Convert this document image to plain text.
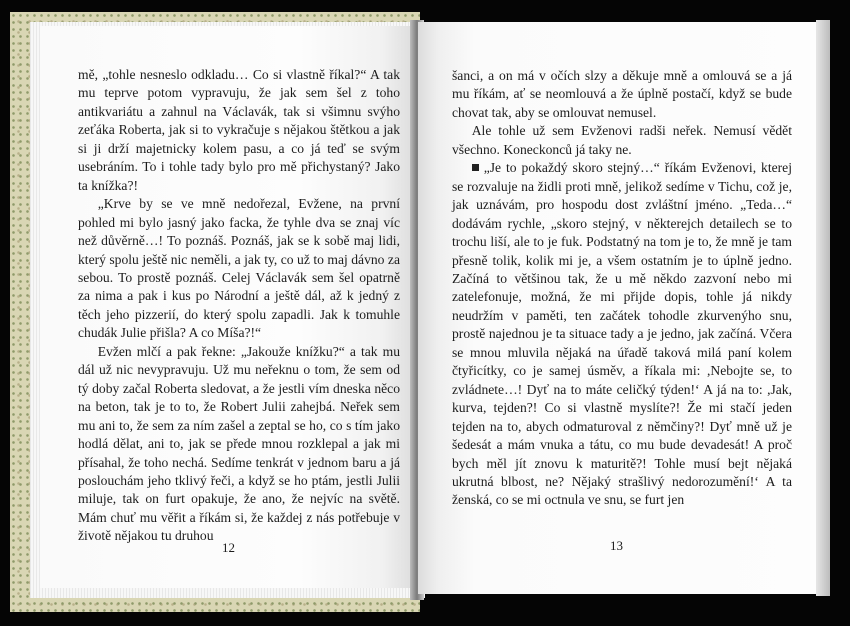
mě, „tohle nesneslo odkladu… Co si vlastně říkal?“ A tak mu teprve potom vypravuju, že jak sem šel z toho antikvariátu a zahnul na Václavák, tak si všimnu svýho zeťáka Roberta, jak si to vykračuje s nějakou štětkou a jak si ji drží majetnicky kolem pasu, a co já teď se svým usebráním. To i tohle tady bylo pro mě přichystaný? Jako ta knížka?!

„Krve by se ve mně nedořezal, Evžene, na první pohled mi bylo jasný jako facka, že tyhle dva se znaj víc než důvěrně…! To poznáš. Poznáš, jak se k sobě maj lidi, který spolu ještě nic neměli, a jak ty, co už to maj dávno za sebou. To prostě poznáš. Celej Václavák sem šel opatrně za nima a pak i kus po Národní a ještě dál, až k jedný z těch jeho pizzerií, do který spolu zapadli. Jak k tomuhle chudák Julie přišla? A co Míša?!“

Evžen mlčí a pak řekne: „Jakouže knížku?“ a tak mu dál už nic nevypravuju. Už mu neřeknu o tom, že sem od tý doby začal Roberta sledovat, a že jestli vím dneska něco na beton, tak je to to, že Robert Julii zahejbá. Neřek sem mu ani to, že sem za ním zašel a zeptal se ho, co s tím jako hodlá dělat, ani to, jak se přede mnou rozklepal a jak mi přísahal, že toho nechá. Sedíme tenkrát v jednom baru a já poslouchám jeho tklivý řeči, a když se ho ptám, jestli Julii miluje, tak on furt opakuje, že ano, že nejvíc na světě. Mám chuť mu věřit a říkám si, že každej z nás potřebuje v životě nějakou tu druhou

12

šanci, a on má v očích slzy a děkuje mně a omlouvá se a já mu říkám, ať se neomlouvá a že úplně postačí, když se bude chovat tak, aby se omlouvat nemusel.

Ale tohle už sem Evženovi radši neřek. Nemusí vědět všechno. Koneckonců já taky ne.

„Je to pokaždý skoro stejný…“ říkám Evženovi, kterej se rozvaluje na židli proti mně, jelikož sedíme v Tichu, což je, jak uznávám, pro hospodu dost zvláštní jméno. „Teda…“ dodávám rychle, „skoro stejný, v některejch detailech se to trochu liší, ale to je fuk. Podstatný na tom je to, že mně je tam přesně tolik, kolik mi je, a všem ostatním je to úplně jedno. Začíná to většinou tak, že u mě někdo zazvoní nebo mi zatelefonuje, možná, že mi přijde dopis, tohle já nikdy neudržím v paměti, ten začátek tohodle zkurvenýho snu, prostě najednou je ta situace tady a je jedno, jak začíná. Včera se mnou mluvila nějaká na úřadě taková milá paní kolem čtyřicítky, co je samej úsměv, a říkala mi: ,Nebojte se, to zvládnete…! Dyť na to máte celičký týden!‘ A já na to: ,Jak, kurva, tejden?! Co si vlastně myslíte?! Že mi stačí jeden tejden na to, abych odmaturoval z němčiny?! Dyť mně už je šedesát a mám vnuka a tátu, co mu bude devadesát! A proč bych měl jít znovu k maturitě?! Tohle musí bejt nějaká ukrutná blbost, ne? Nějaký strašlivý nedorozumění!‘ A ta ženská, co se mi octnula ve snu, se furt jen

13
